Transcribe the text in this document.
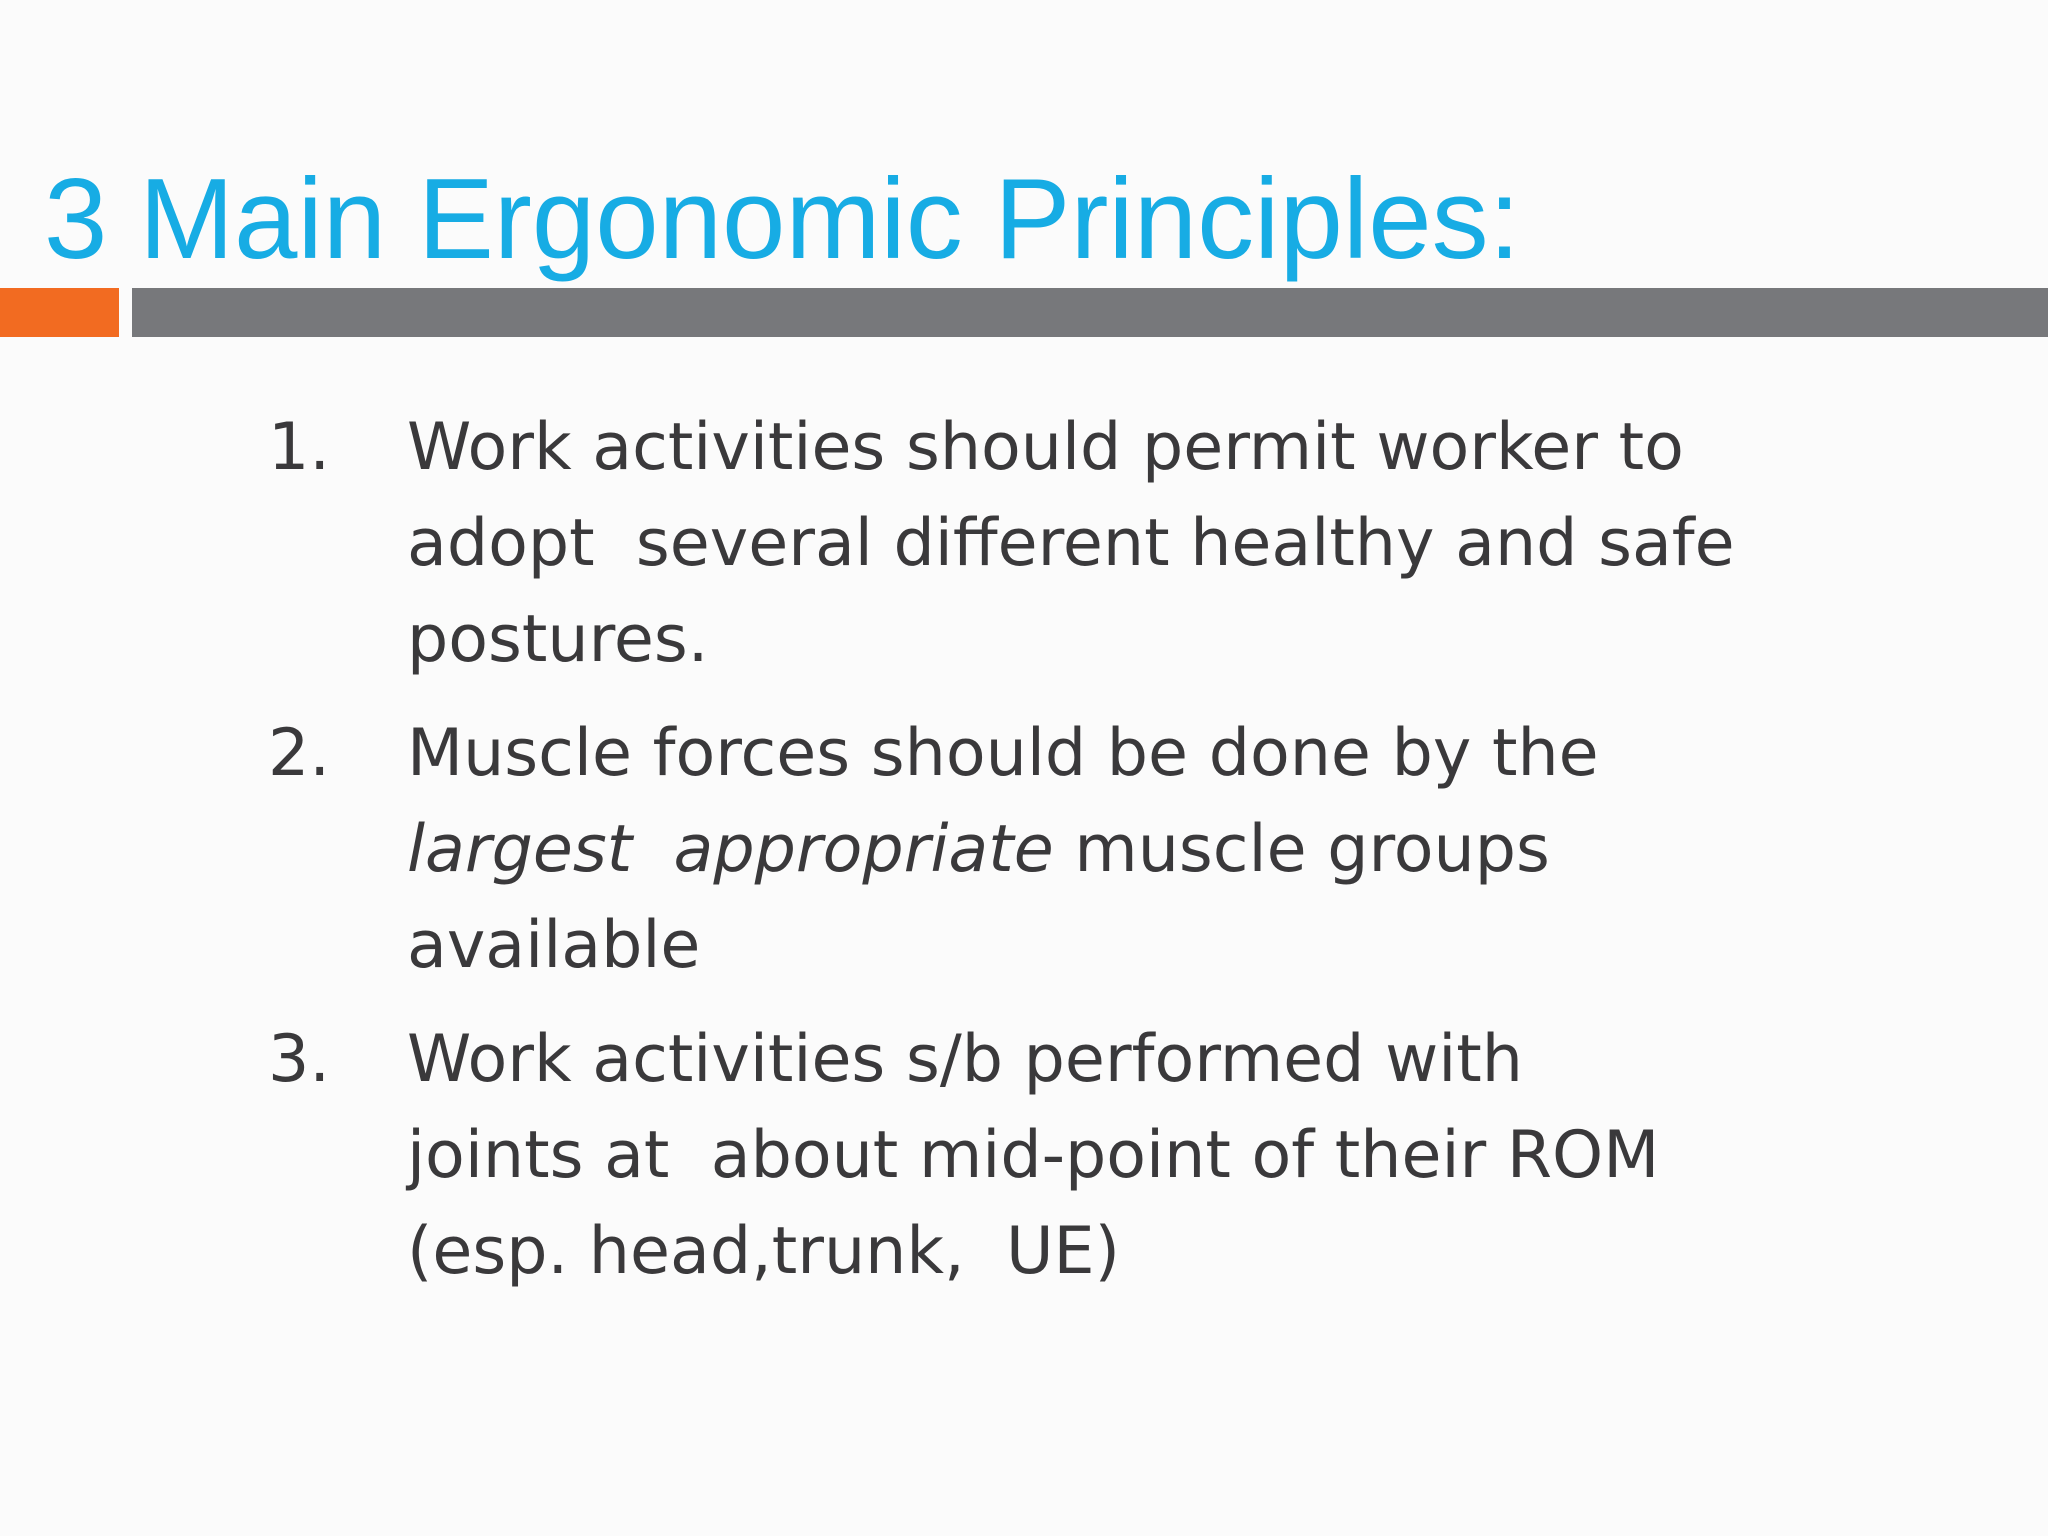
3 Main Ergonomic Principles:
1. Work activities should permit worker to
adopt  several different healthy and safe
postures.
2. Muscle forces should be done by the
largest  appropriate muscle groups
available
3. Work activities s/b performed with
joints at  about mid-point of their ROM
(esp. head,trunk,  UE)
